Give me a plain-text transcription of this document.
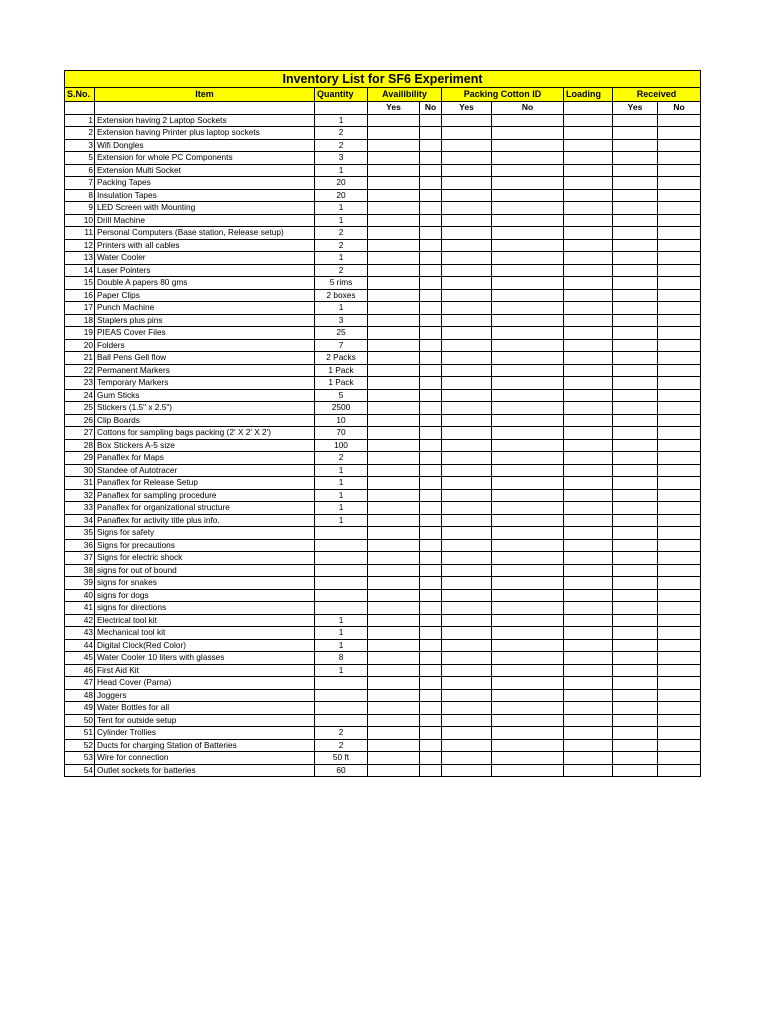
Inventory List for SF6 Experiment									
S.No.	Item	Quantity	Availibility		Packing Cotton ID		Loading	Received	
			Yes	No	Yes	No		Yes	No
1	Extension having 2 Laptop Sockets	1							
2	Extension having Printer plus laptop sockets	2							
3	Wifi Dongles	2							
5	Extension for whole PC Components	3							
6	Extension Multi Socket	1							
7	Packing Tapes	20							
8	Insulation Tapes	20							
9	LED Screen with Mounting	1							
10	Drill Machine	1							
11	Personal Computers (Base station, Release setup)	2							
12	Printers with all cables	2							
13	Water Cooler	1							
14	Laser Pointers	2							
15	Double A papers 80 gms	5 rims							
16	Paper Clips	2 boxes							
17	Punch Machine	1							
18	Staplers plus pins	3							
19	PIEAS Cover Files	25							
20	Folders	7							
21	Ball Pens Gell flow	2 Packs							
22	Permanent Markers	1 Pack							
23	Temporary Markers	1 Pack							
24	Gum Sticks	5							
25	Stickers (1.5" x 2.5")	2500							
26	Clip Boards	10							
27	Cottons for sampling bags packing (2' X 2' X 2')	70							
28	Box Stickers A-5 size	100							
29	Panaflex for Maps	2							
30	Standee of Autotracer	1							
31	Panaflex for Release Setup	1							
32	Panaflex for sampling procedure	1							
33	Panaflex for organizational structure	1							
34	Panaflex for activity title plus info.	1							
35	Signs for safety								
36	Signs for precautions								
37	Signs for electric shock								
38	signs for out of bound								
39	signs for snakes								
40	signs for dogs								
41	signs for directions								
42	Electrical tool kit	1							
43	Mechanical tool kit	1							
44	Digital Clock(Red Color)	1							
45	Water Cooler 10 liters with glasses	8							
46	First Aid Kit	1							
47	Head Cover (Parna)								
48	Joggers								
49	Water Bottles for all								
50	Tent for outside setup								
51	Cylinder Trollies	2							
52	Ducts for charging Station of Batteries	2							
53	Wire for connection	50 ft							
54	Outlet sockets for batteries	60							
